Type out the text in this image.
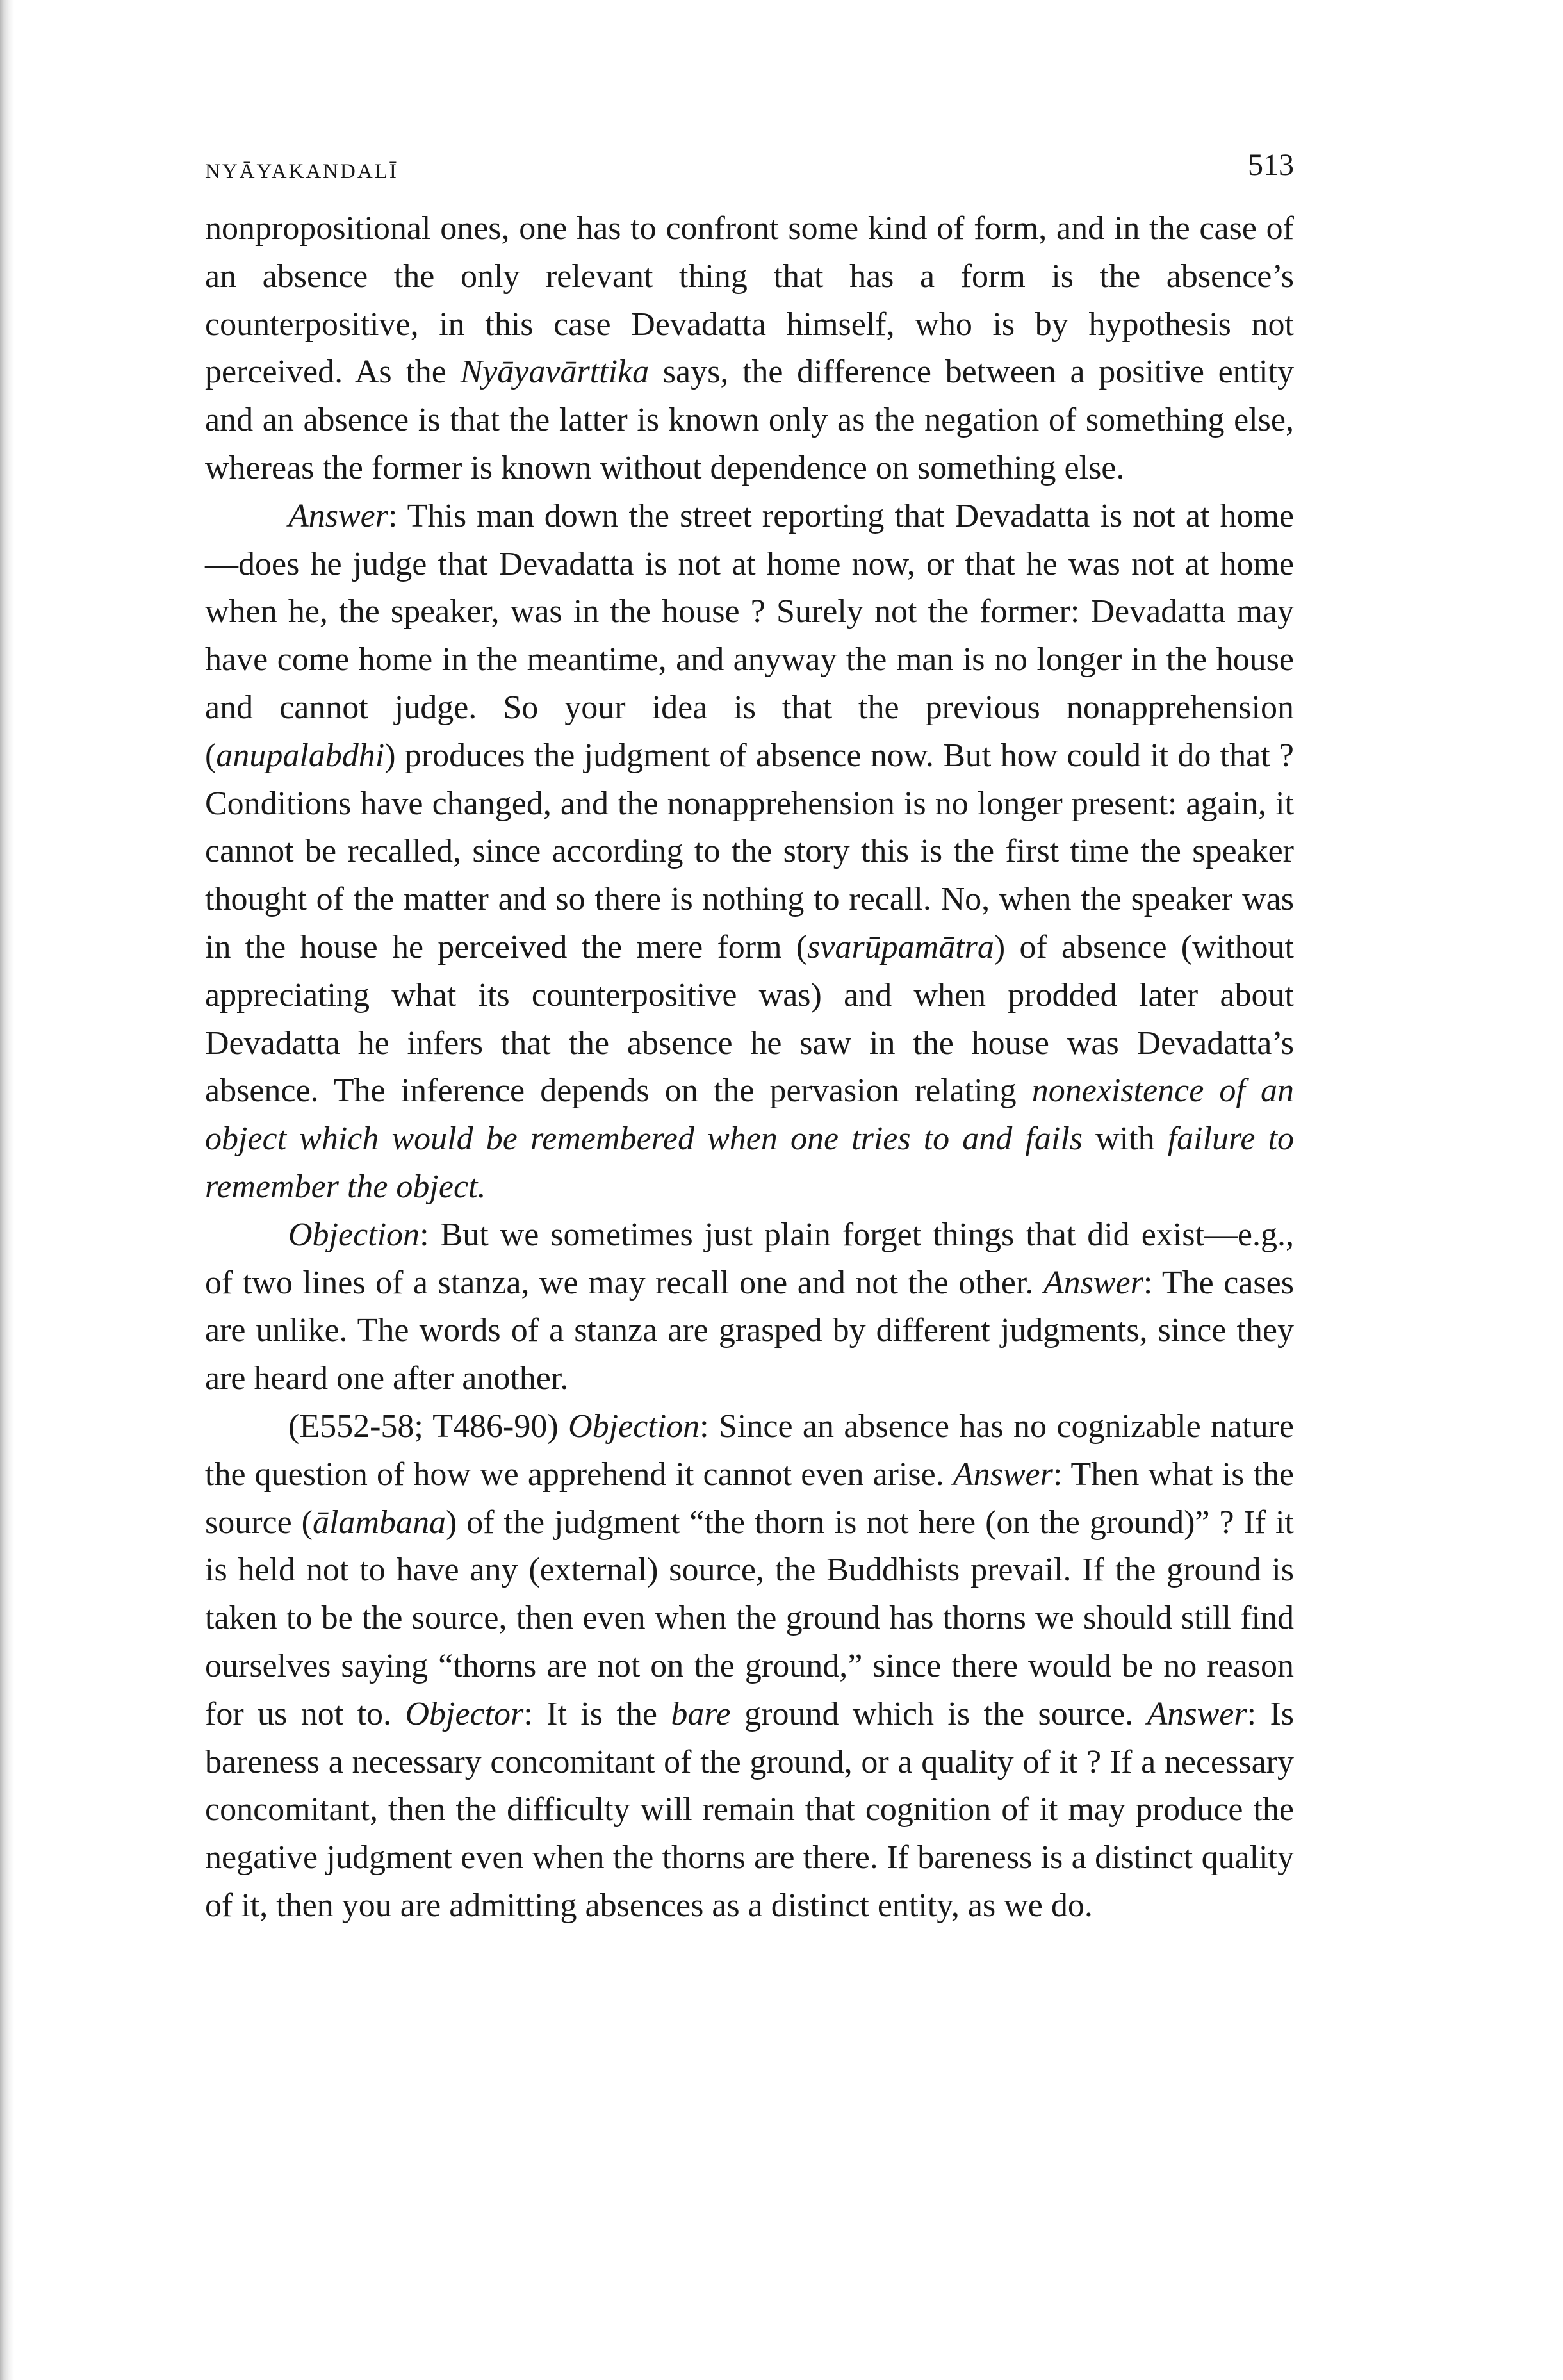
NYĀYAKANDALĪ	513

nonpropositional ones, one has to confront some kind of form, and in the case of an absence the only relevant thing that has a form is the absence’s counterpositive, in this case Devadatta himself, who is by hypothesis not perceived. As the Nyāyavārttika says, the difference between a positive entity and an absence is that the latter is known only as the negation of something else, whereas the former is known without dependence on something else.

Answer: This man down the street reporting that Devadatta is not at home—does he judge that Devadatta is not at home now, or that he was not at home when he, the speaker, was in the house ? Surely not the former: Devadatta may have come home in the meantime, and anyway the man is no longer in the house and cannot judge. So your idea is that the previous nonapprehension (anupalabdhi) produces the judgment of absence now. But how could it do that ? Conditions have changed, and the nonapprehension is no longer present: again, it cannot be recalled, since according to the story this is the first time the speaker thought of the matter and so there is nothing to recall. No, when the speaker was in the house he perceived the mere form (svarūpamātra) of absence (without appreciating what its counterpositive was) and when prodded later about Devadatta he infers that the absence he saw in the house was Devadatta’s absence. The inference depends on the pervasion relating nonexistence of an object which would be remembered when one tries to and fails with failure to remember the object.

Objection: But we sometimes just plain forget things that did exist—e.g., of two lines of a stanza, we may recall one and not the other. Answer: The cases are unlike. The words of a stanza are grasped by different judgments, since they are heard one after another.

(E552-58; T486-90) Objection: Since an absence has no cognizable nature the question of how we apprehend it cannot even arise. Answer: Then what is the source (ālambana) of the judgment “the thorn is not here (on the ground)” ? If it is held not to have any (external) source, the Buddhists prevail. If the ground is taken to be the source, then even when the ground has thorns we should still find ourselves saying “thorns are not on the ground,” since there would be no reason for us not to. Objector: It is the bare ground which is the source. Answer: Is bareness a necessary concomitant of the ground, or a quality of it ? If a necessary concomitant, then the difficulty will remain that cognition of it may produce the negative judgment even when the thorns are there. If bareness is a distinct quality of it, then you are admitting absences as a distinct entity, as we do.
